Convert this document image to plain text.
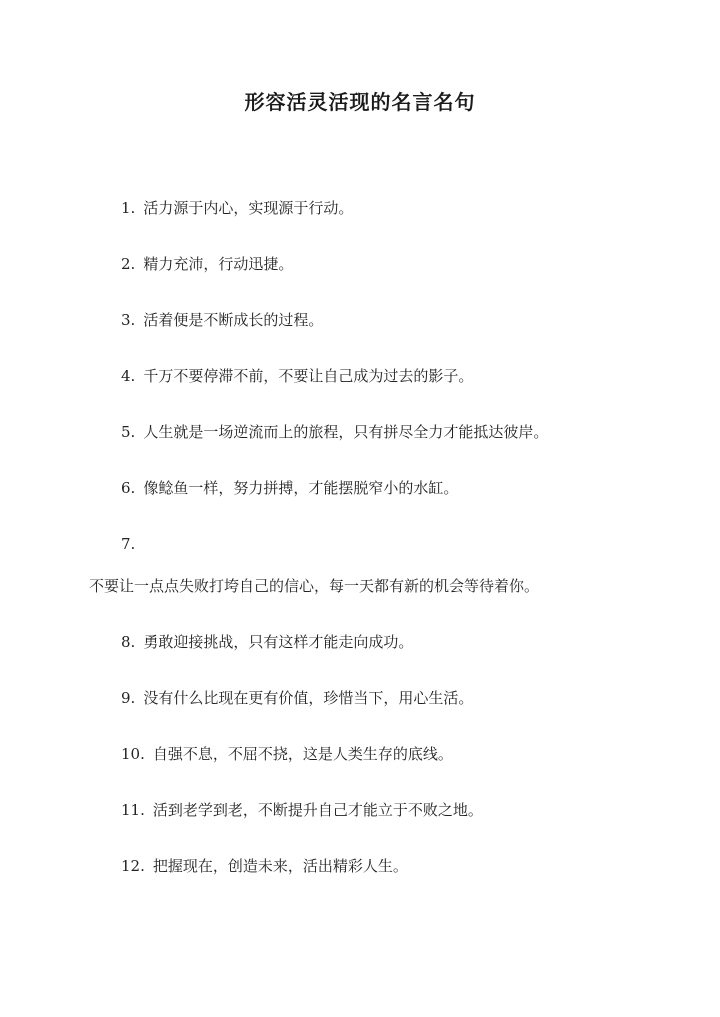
形容活灵活现的名言名句
1. 活力源于内心，实现源于行动。
2. 精力充沛，行动迅捷。
3. 活着便是不断成长的过程。
4. 千万不要停滞不前，不要让自己成为过去的影子。
5. 人生就是一场逆流而上的旅程，只有拼尽全力才能抵达彼岸。
6. 像鲶鱼一样，努力拼搏，才能摆脱窄小的水缸。
7.
不要让一点点失败打垮自己的信心，每一天都有新的机会等待着你。
8. 勇敢迎接挑战，只有这样才能走向成功。
9. 没有什么比现在更有价值，珍惜当下，用心生活。
10. 自强不息，不屈不挠，这是人类生存的底线。
11. 活到老学到老，不断提升自己才能立于不败之地。
12. 把握现在，创造未来，活出精彩人生。
